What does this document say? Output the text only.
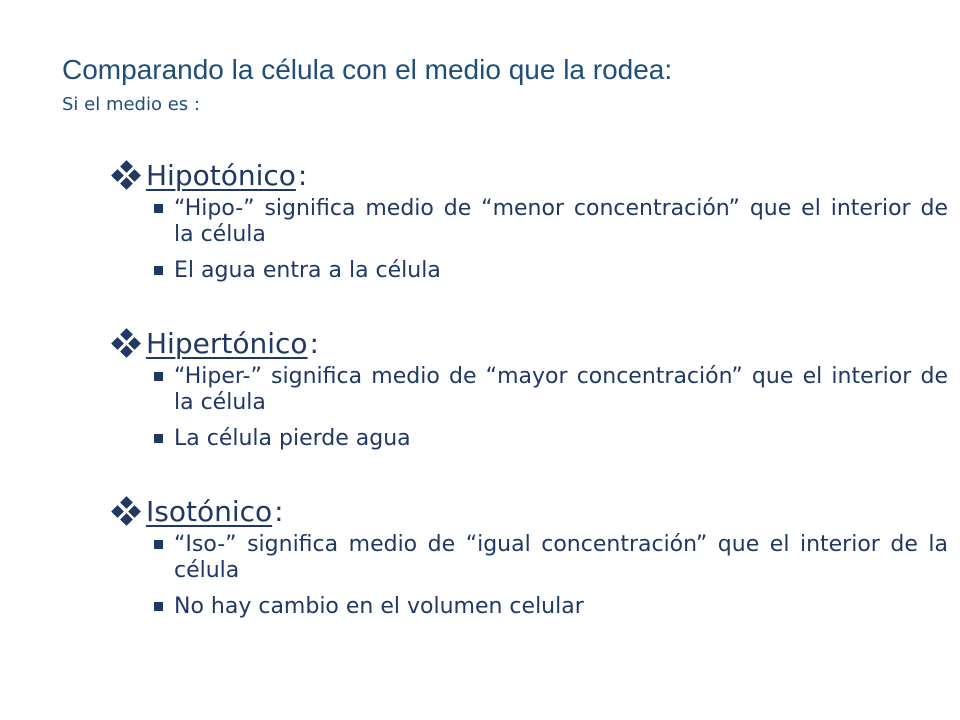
Comparando la célula con el medio que la rodea:
Si el medio es :
Hipotónico :
“Hipo-” significa medio de “menor concentración” que el interior de la célula
El agua entra a la célula
Hipertónico :
“Hiper-” significa medio de “mayor concentración” que el interior de la célula
La célula pierde agua
Isotónico :
“Iso-” significa medio de “igual concentración” que el interior de la célula
No hay cambio en el volumen celular
